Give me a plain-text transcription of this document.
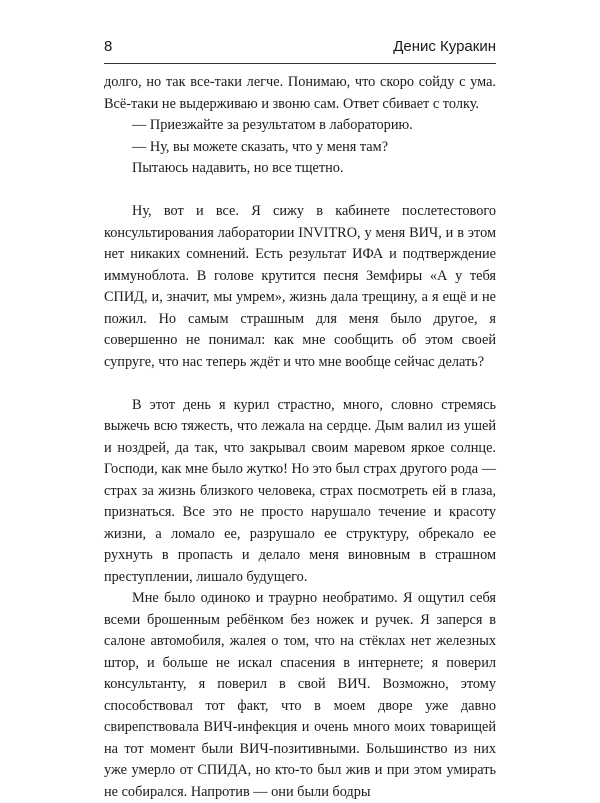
8	Денис Куракин

долго, но так все-таки легче. Понимаю, что скоро сойду с ума. Всё-таки не выдерживаю и звоню сам. Ответ сбивает с толку.

— Приезжайте за результатом в лабораторию.

— Ну, вы можете сказать, что у меня там?

Пытаюсь надавить, но все тщетно.

Ну, вот и все. Я сижу в кабинете послетестового консультирования лаборатории INVITRO, у меня ВИЧ, и в этом нет никаких сомнений. Есть результат ИФА и подтверждение иммуноблота. В голове крутится песня Земфиры «А у тебя СПИД, и, значит, мы умрем», жизнь дала трещину, а я ещё и не пожил. Но самым страшным для меня было другое, я совершенно не понимал: как мне сообщить об этом своей супруге, что нас теперь ждёт и что мне вообще сейчас делать?

В этот день я курил страстно, много, словно стремясь выжечь всю тяжесть, что лежала на сердце. Дым валил из ушей и ноздрей, да так, что закрывал своим маревом яркое солнце. Господи, как мне было жутко! Но это был страх другого рода — страх за жизнь близкого человека, страх посмотреть ей в глаза, признаться. Все это не просто нарушало течение и красоту жизни, а ломало ее, разрушало ее структуру, обрекало ее рухнуть в пропасть и делало меня виновным в страшном преступлении, лишало будущего.

Мне было одиноко и траурно необратимо. Я ощутил себя всеми брошенным ребёнком без ножек и ручек. Я заперся в салоне автомобиля, жалея о том, что на стёклах нет железных штор, и больше не искал спасения в интернете; я поверил консультанту, я поверил в свой ВИЧ. Возможно, этому способствовал тот факт, что в моем дворе уже давно свирепствовала ВИЧ-инфекция и очень много моих товарищей на тот момент были ВИЧ-позитивными. Большинство из них уже умерло от СПИДА, но кто-то был жив и при этом умирать не собирался. Напротив — они были бодры
